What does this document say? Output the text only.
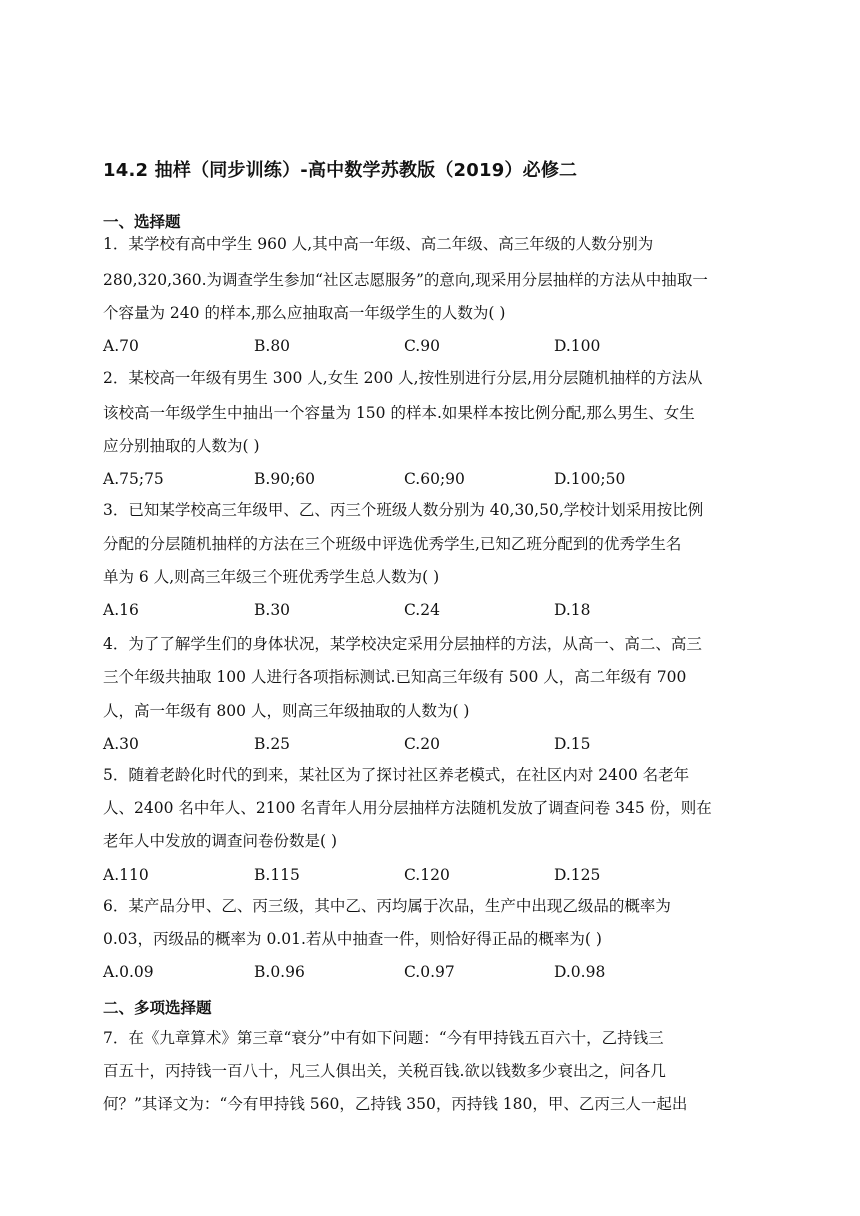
14.2 抽样（同步训练）-高中数学苏教版（2019）必修二
一、选择题
1．某学校有高中学生 960 人,其中高一年级、高二年级、高三年级的人数分别为
280,320,360.为调查学生参加“社区志愿服务”的意向,现采用分层抽样的方法从中抽取一
个容量为 240 的样本,那么应抽取高一年级学生的人数为( )
A.70	B.80	C.90	D.100
2．某校高一年级有男生 300 人,女生 200 人,按性别进行分层,用分层随机抽样的方法从
该校高一年级学生中抽出一个容量为 150 的样本.如果样本按比例分配,那么男生、女生
应分别抽取的人数为( )
A.75;75	B.90;60	C.60;90	D.100;50
3．已知某学校高三年级甲、乙、丙三个班级人数分别为 40,30,50,学校计划采用按比例
分配的分层随机抽样的方法在三个班级中评选优秀学生,已知乙班分配到的优秀学生名
单为 6 人,则高三年级三个班优秀学生总人数为( )
A.16	B.30	C.24	D.18
4．为了了解学生们的身体状况，某学校决定采用分层抽样的方法，从高一、高二、高三
三个年级共抽取 100 人进行各项指标测试.已知高三年级有 500 人，高二年级有 700
人，高一年级有 800 人，则高三年级抽取的人数为( )
A.30	B.25	C.20	D.15
5．随着老龄化时代的到来，某社区为了探讨社区养老模式，在社区内对 2400 名老年
人、2400 名中年人、2100 名青年人用分层抽样方法随机发放了调查问卷 345 份，则在
老年人中发放的调查问卷份数是( )
A.110	B.115	C.120	D.125
6．某产品分甲、乙、丙三级，其中乙、丙均属于次品，生产中出现乙级品的概率为
0.03，丙级品的概率为 0.01.若从中抽查一件，则恰好得正品的概率为( )
A.0.09	B.0.96	C.0.97	D.0.98
二、多项选择题
7．在《九章算术》第三章“衰分”中有如下问题：“今有甲持钱五百六十，乙持钱三
百五十，丙持钱一百八十，凡三人俱出关，关税百钱.欲以钱数多少衰出之，问各几
何？”其译文为：“今有甲持钱 560，乙持钱 350，丙持钱 180，甲、乙丙三人一起出
